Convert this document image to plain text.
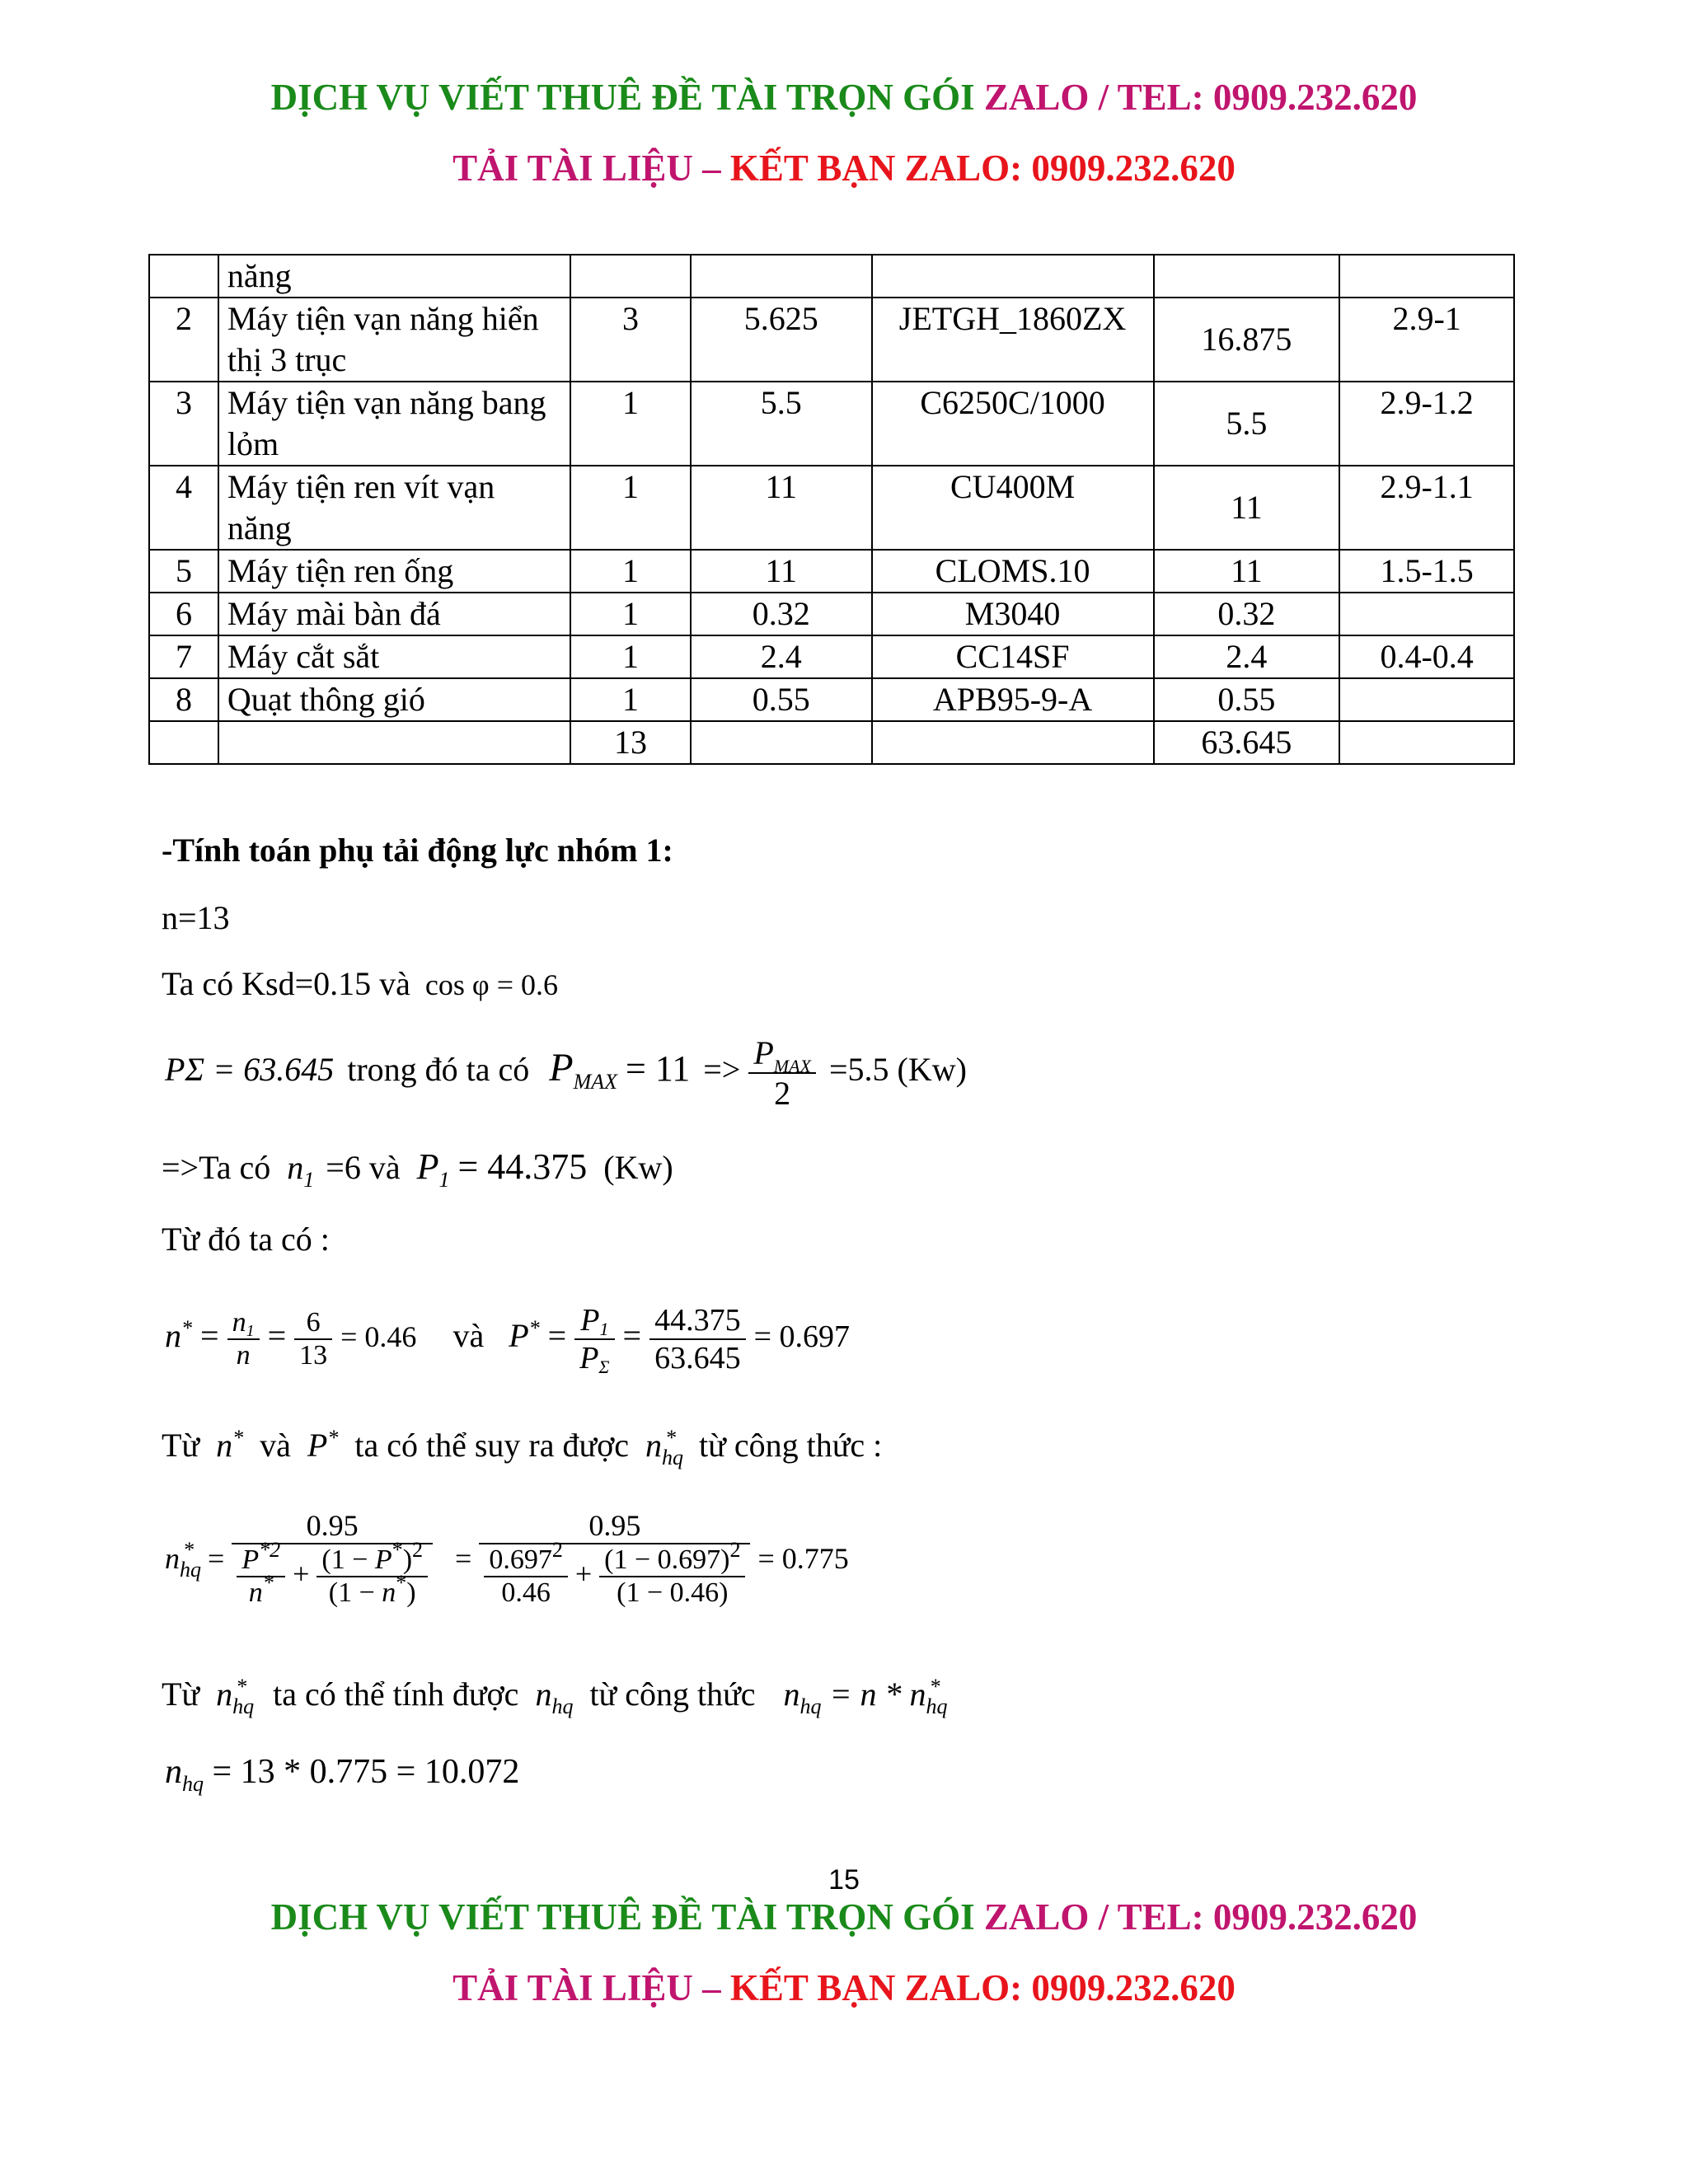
DỊCH VỤ VIẾT THUÊ ĐỀ TÀI TRỌN GÓI ZALO / TEL: 0909.232.620
TẢI TÀI LIỆU – KẾT BẠN ZALO: 0909.232.620
	năng					
2	Máy tiện vạn năng hiển thị 3 trục	3	5.625	JETGH_1860ZX	16.875	2.9-1
3	Máy tiện vạn năng bang lỏm	1	5.5	C6250C/1000	5.5	2.9-1.2
4	Máy tiện ren vít vạn năng	1	11	CU400M	11	2.9-1.1
5	Máy tiện ren ống	1	11	CLOMS.10	11	1.5-1.5
6	Máy mài bàn đá	1	0.32	M3040	0.32	
7	Máy cắt sắt	1	2.4	CC14SF	2.4	0.4-0.4
8	Quạt thông gió	1	0.55	APB95-9-A	0.55	
		13			63.645	
-Tính toán phụ tải động lực nhóm 1:
n=13
Ta có Ksd=0.15 và cos φ = 0.6
PΣ = 63.645 trong đó ta có $P_{MAX} = 11 => \frac{P_{MAX}}{2} =5.5$ (Kw)
=>Ta có $n_1 =6$ và $P_1 = 44.375$ (Kw)
Từ đó ta có :
$n^* = \frac{n1}{n} = \frac{6}{13} = 0.46$ và $P^* = \frac{P1}{P\Sigma} = \frac{44.375}{63.645} = 0.697$
Từ n* và P* ta có thể suy ra được $n_{hq}^*$ từ công thức :
$n_{hq}^*$ =
0.95
$\frac{P^{*2}}{n^*} + \frac{(1 - P^*)^2}{(1 - n^*)}$ =
0.95
$\frac{0.697^2}{0.46} + \frac{(1 - 0.697)^2}{(1 - 0.46)} = 0.775$
Từ $n_{hq}^*$ ta có thể tính được $n_{hq}$ từ công thức $n_{hq} = n * n_{hq}^*$
$n_{hq} = 13 * 0.775 = 10.072$
15
DỊCH VỤ VIẾT THUÊ ĐỀ TÀI TRỌN GÓI ZALO / TEL: 0909.232.620
TẢI TÀI LIỆU – KẾT BẠN ZALO: 0909.232.620
